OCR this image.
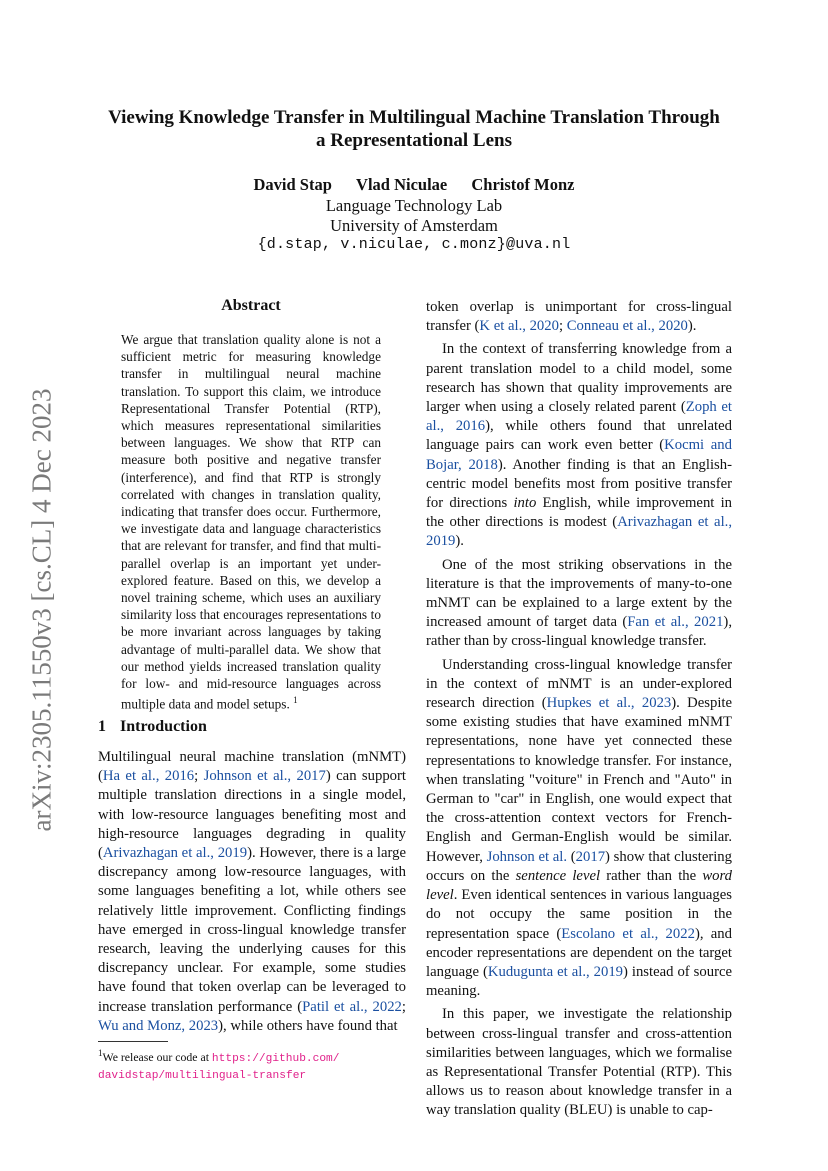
arXiv:2305.11550v3 [cs.CL] 4 Dec 2023
Viewing Knowledge Transfer in Multilingual Machine Translation Through
a Representational Lens
David Stap Vlad Niculae Christof Monz
Language Technology Lab
University of Amsterdam
{d.stap, v.niculae, c.monz}@uva.nl
Abstract
We argue that translation quality alone is not a sufficient metric for measuring knowledge transfer in multilingual neural machine translation. To support this claim, we introduce Representational Transfer Potential (RTP), which measures representational similarities between languages. We show that RTP can measure both positive and negative transfer (interference), and find that RTP is strongly correlated with changes in translation quality, indicating that transfer does occur. Furthermore, we investigate data and language characteristics that are relevant for transfer, and find that multi-parallel overlap is an important yet under-explored feature. Based on this, we develop a novel training scheme, which uses an auxiliary similarity loss that encourages representations to be more invariant across languages by taking advantage of multi-parallel data. We show that our method yields increased translation quality for low- and mid-resource languages across multiple data and model setups. $^1$
1 Introduction

Multilingual neural machine translation (mNMT) (Ha et al., 2016; Johnson et al., 2017) can support multiple translation directions in a single model, with low-resource languages benefiting most and high-resource languages degrading in quality (Arivazhagan et al., 2019). However, there is a large discrepancy among low-resource languages, with some languages benefiting a lot, while others see relatively little improvement. Conflicting findings have emerged in cross-lingual knowledge transfer research, leaving the underlying causes for this discrepancy unclear. For example, some studies have found that token overlap can be leveraged to increase translation performance (Patil et al., 2022; Wu and Monz, 2023), while others have found that

$^1$We release our code at https://github.com/
davidstap/multilingual-transfer

token overlap is unimportant for cross-lingual transfer (K et al., 2020; Conneau et al., 2020).

In the context of transferring knowledge from a parent translation model to a child model, some research has shown that quality improvements are larger when using a closely related parent (Zoph et al., 2016), while others found that unrelated language pairs can work even better (Kocmi and Bojar, 2018). Another finding is that an English-centric model benefits most from positive transfer for directions into English, while improvement in the other directions is modest (Arivazhagan et al., 2019).

One of the most striking observations in the literature is that the improvements of many-to-one mNMT can be explained to a large extent by the increased amount of target data (Fan et al., 2021), rather than by cross-lingual knowledge transfer.

Understanding cross-lingual knowledge transfer in the context of mNMT is an under-explored research direction (Hupkes et al., 2023). Despite some existing studies that have examined mNMT representations, none have yet connected these representations to knowledge transfer. For instance, when translating "voiture" in French and "Auto" in German to "car" in English, one would expect that the cross-attention context vectors for French-English and German-English would be similar. However, Johnson et al. (2017) show that clustering occurs on the sentence level rather than the word level. Even identical sentences in various languages do not occupy the same position in the representation space (Escolano et al., 2022), and encoder representations are dependent on the target language (Kudugunta et al., 2019) instead of source meaning.

In this paper, we investigate the relationship between cross-lingual transfer and cross-attention similarities between languages, which we formalise as Representational Transfer Potential (RTP). This allows us to reason about knowledge transfer in a way translation quality (BLEU) is unable to cap-
